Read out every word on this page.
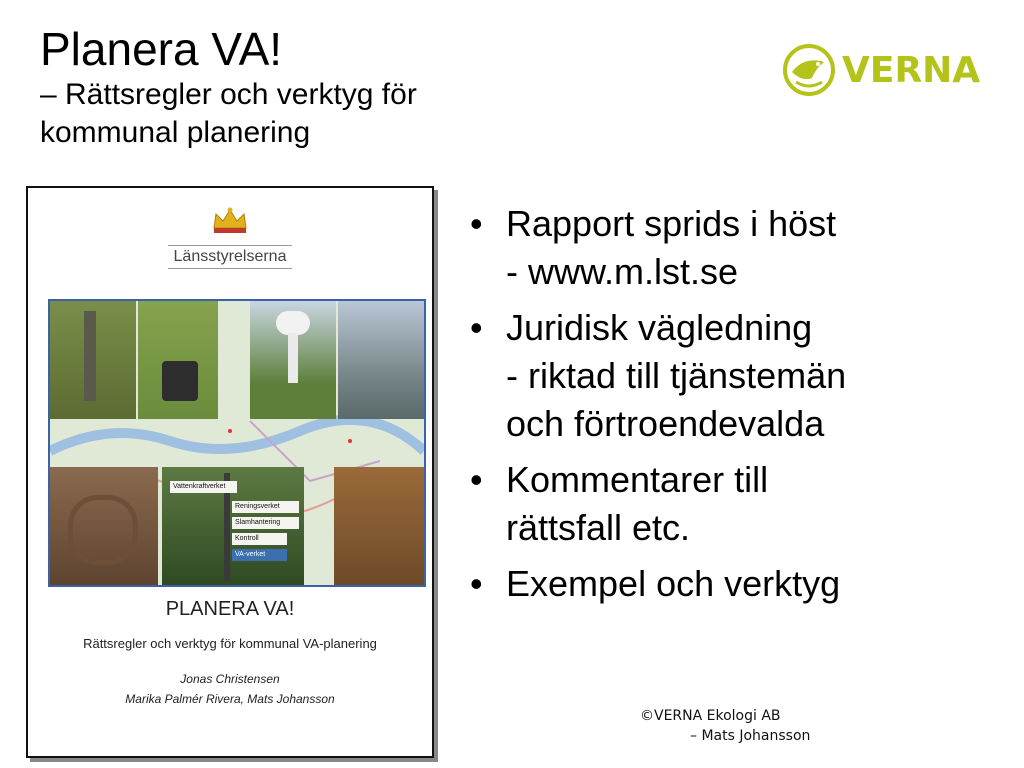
Planera VA!
– Rättsregler och verktyg för
kommunal planering
VERNA

Länsstyrelserna
Vattenkraftverket
Reningsverket
Slamhantering
Kontroll
VA-verket
PLANERA VA!
Rättsregler och verktyg för kommunal VA-planering
Jonas Christensen
Marika Palmér Rivera, Mats Johansson
• Rapport sprids i höst
- www.m.lst.se
• Juridisk vägledning
- riktad till tjänstemän
och förtroendevalda
• Kommentarer till
rättsfall etc.
• Exempel och verktyg
©VERNA Ekologi AB
– Mats Johansson
